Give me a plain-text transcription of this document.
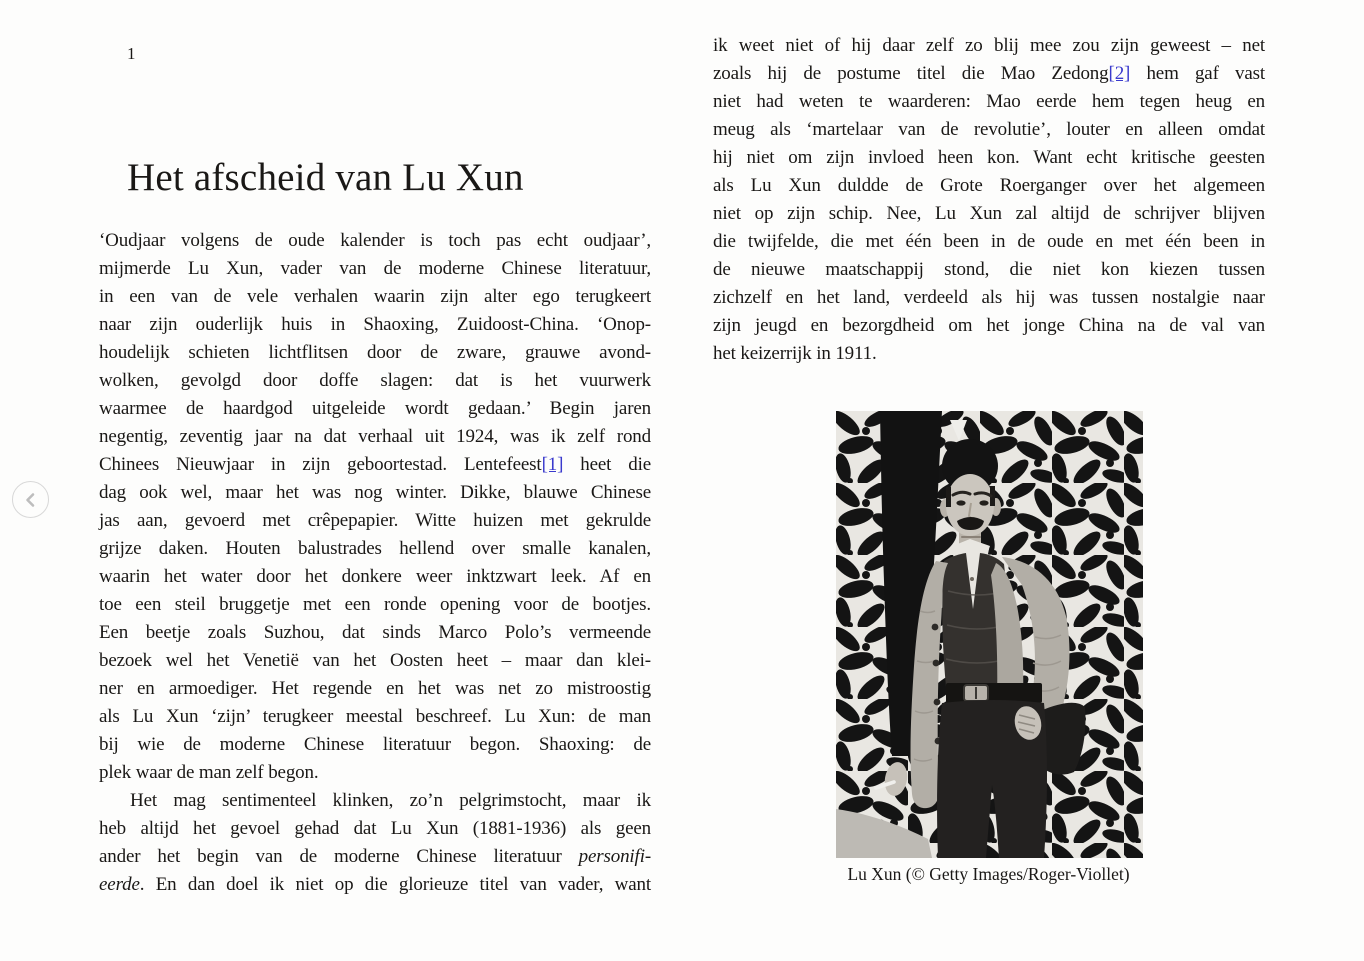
1
Het afscheid van Lu Xun
‘Oudjaar volgens de oude kalender is toch pas echt oudjaar’,
mijmerde Lu Xun, vader van de moderne Chinese literatuur,
in een van de vele verhalen waarin zijn alter ego terugkeert
naar zijn ouderlijk huis in Shaoxing, Zuidoost-China. ‘Onop-
houdelijk schieten lichtflitsen door de zware, grauwe avond-
wolken, gevolgd door doffe slagen: dat is het vuurwerk
waarmee de haardgod uitgeleide wordt gedaan.’ Begin jaren
negentig, zeventig jaar na dat verhaal uit 1924, was ik zelf rond
Chinees Nieuwjaar in zijn geboortestad. Lentefeest[1] heet die
dag ook wel, maar het was nog winter. Dikke, blauwe Chinese
jas aan, gevoerd met crêpepapier. Witte huizen met gekrulde
grijze daken. Houten balustrades hellend over smalle kanalen,
waarin het water door het donkere weer inktzwart leek. Af en
toe een steil bruggetje met een ronde opening voor de bootjes.
Een beetje zoals Suzhou, dat sinds Marco Polo’s vermeende
bezoek wel het Venetië van het Oosten heet – maar dan klei-
ner en armoediger. Het regende en het was net zo mistroostig
als Lu Xun ‘zijn’ terugkeer meestal beschreef. Lu Xun: de man
bij wie de moderne Chinese literatuur begon. Shaoxing: de
plek waar de man zelf begon.
Het mag sentimenteel klinken, zo’n pelgrimstocht, maar ik
heb altijd het gevoel gehad dat Lu Xun (1881-1936) als geen
ander het begin van de moderne Chinese literatuur personifi-
eerde. En dan doel ik niet op die glorieuze titel van vader, want
ik weet niet of hij daar zelf zo blij mee zou zijn geweest – net
zoals hij de postume titel die Mao Zedong[2] hem gaf vast
niet had weten te waarderen: Mao eerde hem tegen heug en
meug als ‘martelaar van de revolutie’, louter en alleen omdat
hij niet om zijn invloed heen kon. Want echt kritische geesten
als Lu Xun duldde de Grote Roerganger over het algemeen
niet op zijn schip. Nee, Lu Xun zal altijd de schrijver blijven
die twijfelde, die met één been in de oude en met één been in
de nieuwe maatschappij stond, die niet kon kiezen tussen
zichzelf en het land, verdeeld als hij was tussen nostalgie naar
zijn jeugd en bezorgdheid om het jonge China na de val van
het keizerrijk in 1911.
Lu Xun (© Getty Images/Roger-Viollet)
